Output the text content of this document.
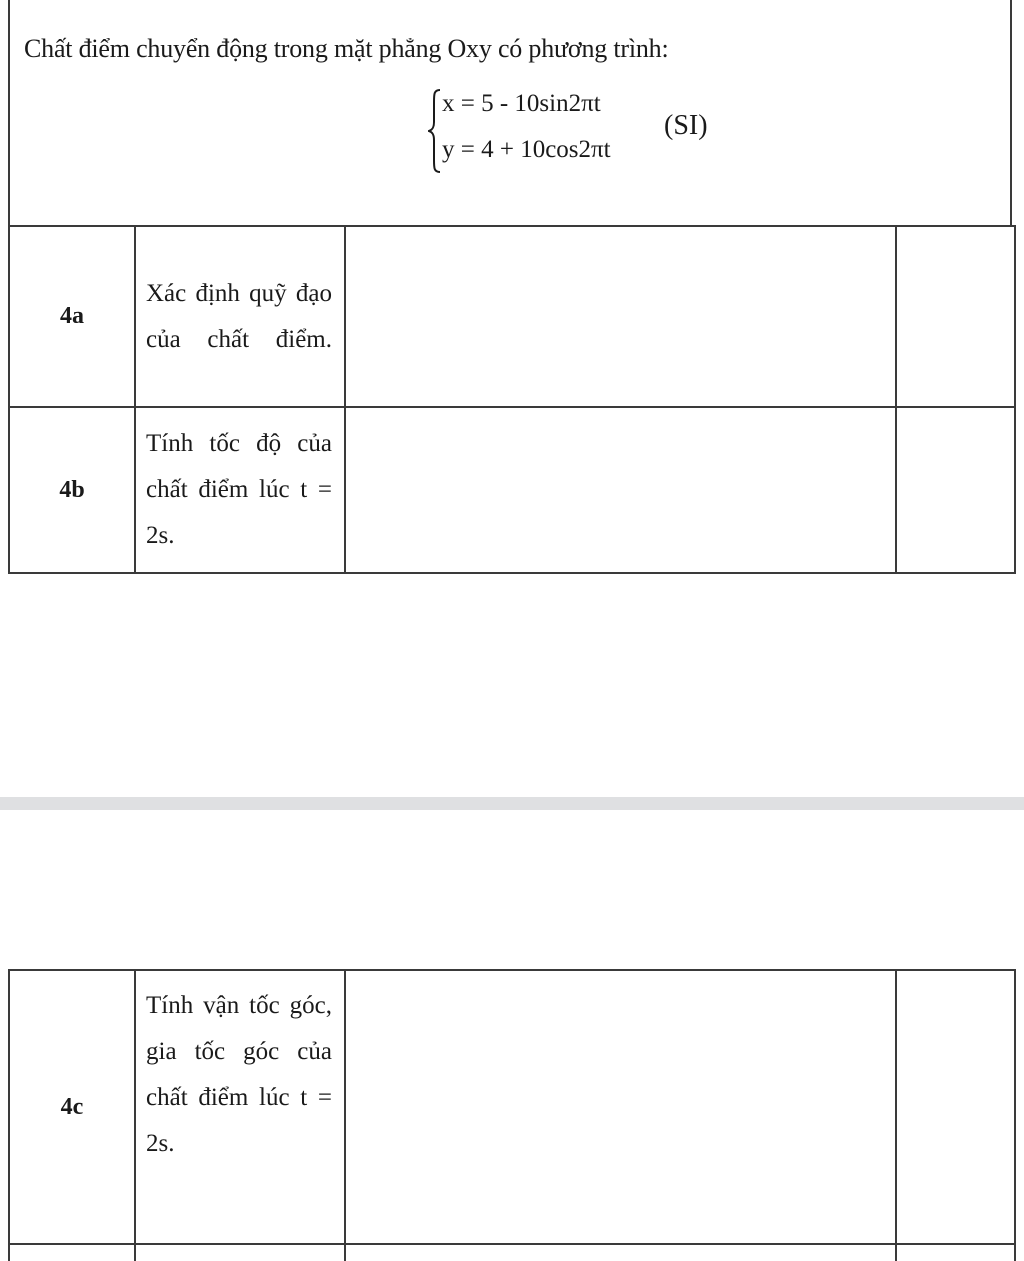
Chất điểm chuyển động trong mặt phẳng Oxy có phương trình:
x = 5 - 10sin2πt
y = 4 + 10cos2πt
(SI)
4a	Xác định quỹ đạo của chất điểm.		
4b	Tính tốc độ của chất điểm lúc t = 2s.		
4c	Tính vận tốc góc, gia tốc góc của chất điểm lúc t = 2s.		
